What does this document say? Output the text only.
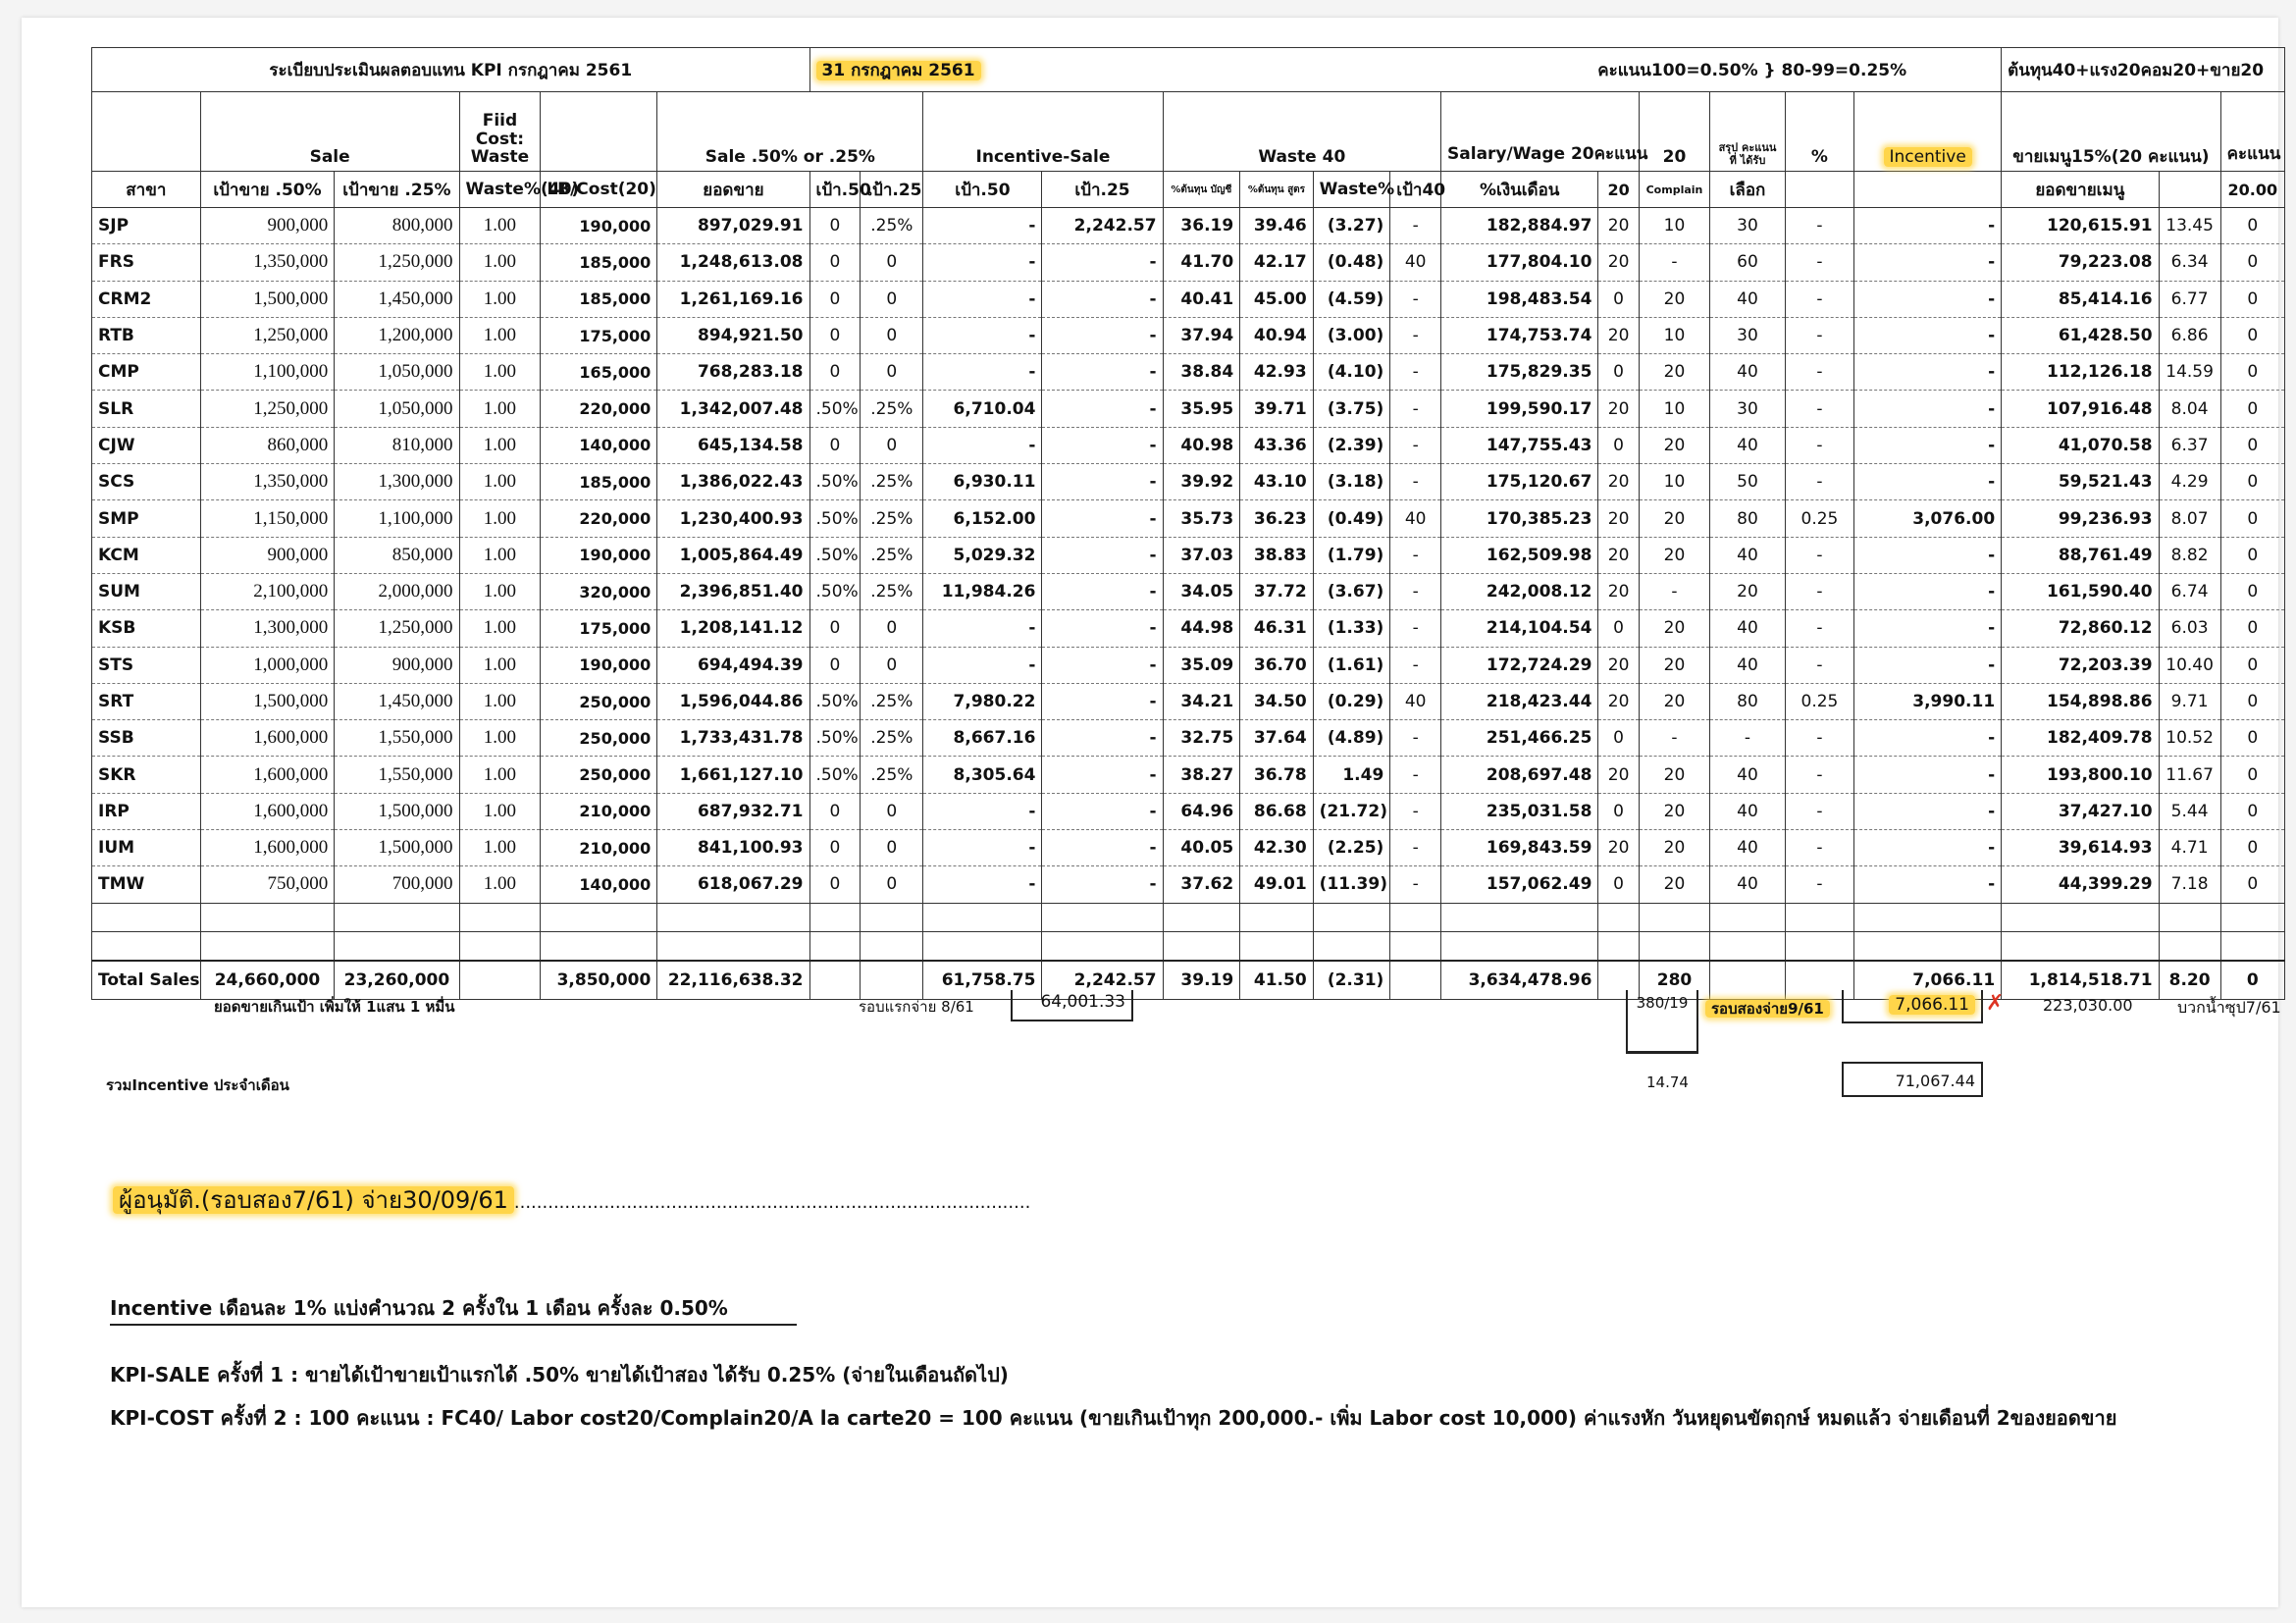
ระเบียบประเมินผลตอบแทน KPI กรกฎาคม 2561						31 กรกฎาคม 2561 คะแนน100=0.50% } 80-99=0.25%														ต้นทุน40+แรง20คอม20+ขาย20		
	Sale		Fiid Cost: Waste		Sale .50% or .25%			Incentive-Sale		Waste 40				Salary/Wage 20คะแนน		20	สรุป คะแนนที่ ได้รับ	%	Incentive	ขายเมนู15%(20 คะแนน)		คะแนน
สาขา	เป้าขาย .50%	เป้าขาย .25%	Waste%(40)	LB/Cost(20)	ยอดขาย	เป้า.50	เป้า.25	เป้า.50	เป้า.25	%ต้นทุน บัญชี	%ต้นทุน สูตร	Waste%	เป้า40	%เงินเดือน	20	Complain	เลือก			ยอดขายเมนู		20.00
SJP	900,000	800,000	1.00	190,000	897,029.91	0	.25%	-	2,242.57	36.19	39.46	(3.27)	-	182,884.97	20	10	30	-	-	120,615.91	13.45	0
FRS	1,350,000	1,250,000	1.00	185,000	1,248,613.08	0	0	-	-	41.70	42.17	(0.48)	40	177,804.10	20	-	60	-	-	79,223.08	6.34	0
CRM2	1,500,000	1,450,000	1.00	185,000	1,261,169.16	0	0	-	-	40.41	45.00	(4.59)	-	198,483.54	0	20	40	-	-	85,414.16	6.77	0
RTB	1,250,000	1,200,000	1.00	175,000	894,921.50	0	0	-	-	37.94	40.94	(3.00)	-	174,753.74	20	10	30	-	-	61,428.50	6.86	0
CMP	1,100,000	1,050,000	1.00	165,000	768,283.18	0	0	-	-	38.84	42.93	(4.10)	-	175,829.35	0	20	40	-	-	112,126.18	14.59	0
SLR	1,250,000	1,050,000	1.00	220,000	1,342,007.48	.50%	.25%	6,710.04	-	35.95	39.71	(3.75)	-	199,590.17	20	10	30	-	-	107,916.48	8.04	0
CJW	860,000	810,000	1.00	140,000	645,134.58	0	0	-	-	40.98	43.36	(2.39)	-	147,755.43	0	20	40	-	-	41,070.58	6.37	0
SCS	1,350,000	1,300,000	1.00	185,000	1,386,022.43	.50%	.25%	6,930.11	-	39.92	43.10	(3.18)	-	175,120.67	20	10	50	-	-	59,521.43	4.29	0
SMP	1,150,000	1,100,000	1.00	220,000	1,230,400.93	.50%	.25%	6,152.00	-	35.73	36.23	(0.49)	40	170,385.23	20	20	80	0.25	3,076.00	99,236.93	8.07	0
KCM	900,000	850,000	1.00	190,000	1,005,864.49	.50%	.25%	5,029.32	-	37.03	38.83	(1.79)	-	162,509.98	20	20	40	-	-	88,761.49	8.82	0
SUM	2,100,000	2,000,000	1.00	320,000	2,396,851.40	.50%	.25%	11,984.26	-	34.05	37.72	(3.67)	-	242,008.12	20	-	20	-	-	161,590.40	6.74	0
KSB	1,300,000	1,250,000	1.00	175,000	1,208,141.12	0	0	-	-	44.98	46.31	(1.33)	-	214,104.54	0	20	40	-	-	72,860.12	6.03	0
STS	1,000,000	900,000	1.00	190,000	694,494.39	0	0	-	-	35.09	36.70	(1.61)	-	172,724.29	20	20	40	-	-	72,203.39	10.40	0
SRT	1,500,000	1,450,000	1.00	250,000	1,596,044.86	.50%	.25%	7,980.22	-	34.21	34.50	(0.29)	40	218,423.44	20	20	80	0.25	3,990.11	154,898.86	9.71	0
SSB	1,600,000	1,550,000	1.00	250,000	1,733,431.78	.50%	.25%	8,667.16	-	32.75	37.64	(4.89)	-	251,466.25	0	-	-	-	-	182,409.78	10.52	0
SKR	1,600,000	1,550,000	1.00	250,000	1,661,127.10	.50%	.25%	8,305.64	-	38.27	36.78	1.49	-	208,697.48	20	20	40	-	-	193,800.10	11.67	0
IRP	1,600,000	1,500,000	1.00	210,000	687,932.71	0	0	-	-	64.96	86.68	(21.72)	-	235,031.58	0	20	40	-	-	37,427.10	5.44	0
IUM	1,600,000	1,500,000	1.00	210,000	841,100.93	0	0	-	-	40.05	42.30	(2.25)	-	169,843.59	20	20	40	-	-	39,614.93	4.71	0
TMW	750,000	700,000	1.00	140,000	618,067.29	0	0	-	-	37.62	49.01	(11.39)	-	157,062.49	0	20	40	-	-	44,399.29	7.18	0

Total Sales	24,660,000	23,260,000		3,850,000	22,116,638.32			61,758.75	2,242.57	39.19	41.50	(2.31)		3,634,478.96		280			7,066.11	1,814,518.71	8.20	0
ยอดขายเกินเป้า เพิ่มให้ 1แสน 1 หมื่น	รอบแรกจ่าย 8/61	64,001.33	380/19
14.74
รอบสองจ่าย9/61	7,066.11 ✗ 223,030.00	บวกน้ำซุป7/61
รวมIncentive ประจำเดือน	71,067.44
ผู้อนุมัติ.(รอบสอง7/61) จ่าย30/09/61 ............................................................................................
Incentive เดือนละ 1% แบ่งคำนวณ 2 ครั้งใน 1 เดือน ครั้งละ 0.50%
KPI-SALE ครั้งที่ 1 : ขายได้เป้าขายเป้าแรกได้ .50% ขายได้เป้าสอง ได้รับ 0.25% (จ่ายในเดือนถัดไป)
KPI-COST ครั้งที่ 2 : 100 คะแนน : FC40/ Labor cost20/Complain20/A la carte20 = 100 คะแนน (ขายเกินเป้าทุก 200,000.- เพิ่ม Labor cost 10,000) ค่าแรงหัก วันหยุดนขัตฤกษ์ หมดแล้ว จ่ายเดือนที่ 2ของยอดขาย
